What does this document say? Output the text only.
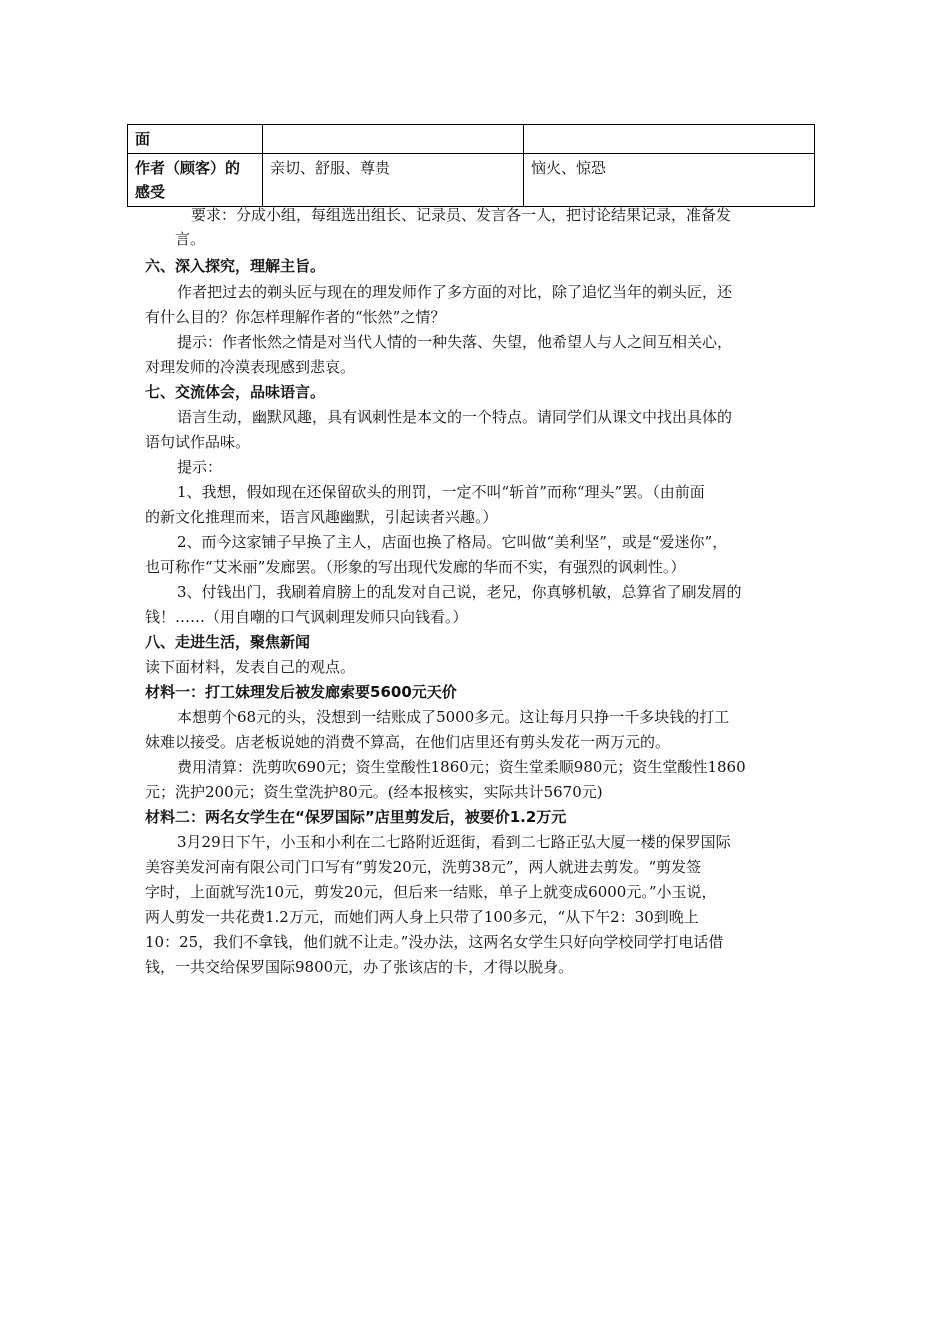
面		

作者（顾客）的
感受	亲切、舒服、尊贵	恼火、惊恐
要求：分成小组，每组选出组长、记录员、发言各一人，把讨论结果记录，准备发
言。
六、深入探究，理解主旨。
作者把过去的剃头匠与现在的理发师作了多方面的对比，除了追忆当年的剃头匠，还
有什么目的？你怎样理解作者的“怅然”之情？
提示：作者怅然之情是对当代人情的一种失落、失望，他希望人与人之间互相关心，
对理发师的冷漠表现感到悲哀。
七、交流体会，品味语言。
语言生动，幽默风趣，具有讽刺性是本文的一个特点。请同学们从课文中找出具体的
语句试作品味。
提示：
1、我想，假如现在还保留砍头的刑罚，一定不叫“斩首”而称“理头”罢。（由前面
的新文化推理而来，语言风趣幽默，引起读者兴趣。）
2、而今这家铺子早换了主人，店面也换了格局。它叫做“美利坚”，或是“爱迷你”，
也可称作“艾米丽”发廊罢。（形象的写出现代发廊的华而不实，有强烈的讽刺性。）
3、付钱出门，我刷着肩膀上的乱发对自己说，老兄，你真够机敏，总算省了刷发屑的
钱！……（用自嘲的口气讽刺理发师只向钱看。）
八、走进生活，聚焦新闻
读下面材料，发表自己的观点。
材料一：打工妹理发后被发廊索要5600元天价
本想剪个68元的头，没想到一结账成了5000多元。这让每月只挣一千多块钱的打工
妹难以接受。店老板说她的消费不算高，在他们店里还有剪头发花一两万元的。
费用清算：洗剪吹690元；资生堂酸性1860元；资生堂柔顺980元；资生堂酸性1860
元；洗护200元；资生堂洗护80元。(经本报核实，实际共计5670元)
材料二：两名女学生在“保罗国际”店里剪发后，被要价1.2万元
3月29日下午，小玉和小利在二七路附近逛街，看到二七路正弘大厦一楼的保罗国际
美容美发河南有限公司门口写有“剪发20元，洗剪38元”，两人就进去剪发。“剪发签
字时，上面就写洗10元，剪发20元，但后来一结账，单子上就变成6000元。”小玉说，
两人剪发一共花费1.2万元，而她们两人身上只带了100多元，“从下午2：30到晚上
10：25，我们不拿钱，他们就不让走。”没办法，这两名女学生只好向学校同学打电话借
钱，一共交给保罗国际9800元，办了张该店的卡，才得以脱身。
